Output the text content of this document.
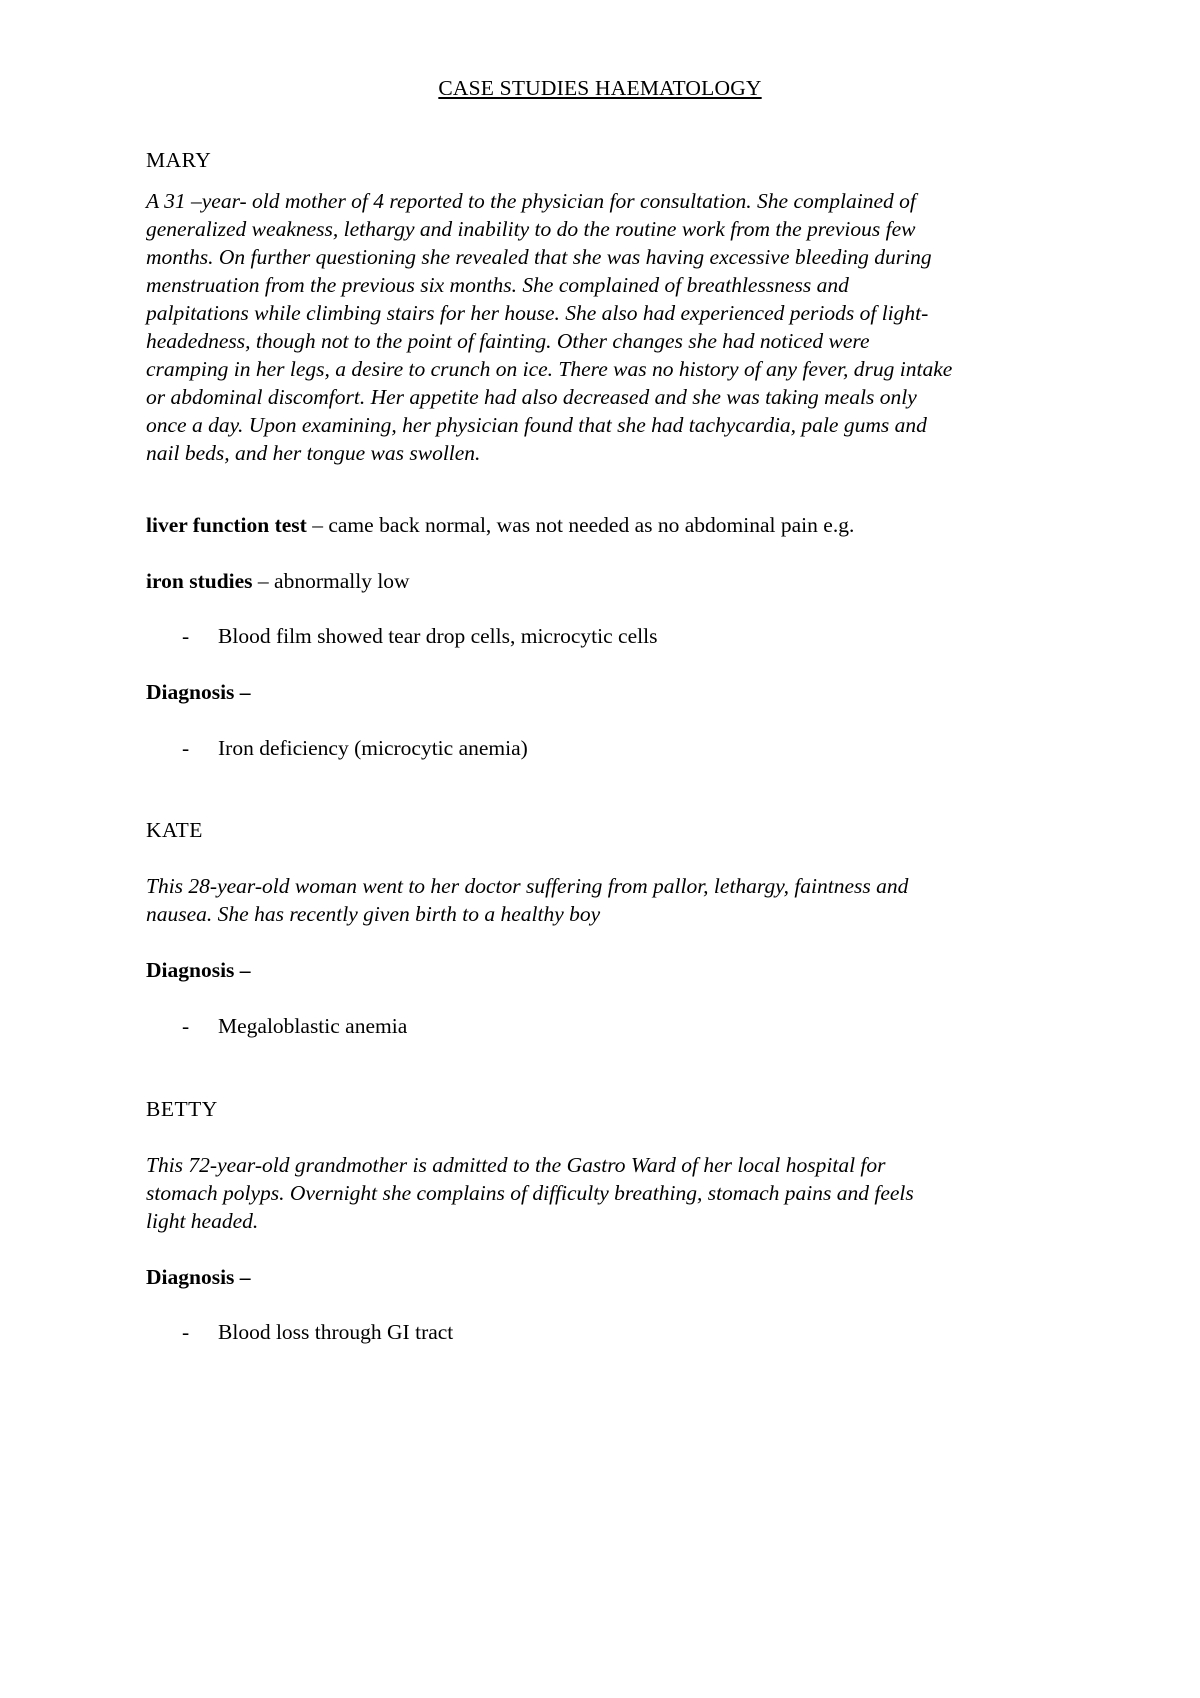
CASE STUDIES HAEMATOLOGY
MARY
A 31 –year- old mother of 4 reported to the physician for consultation. She complained of
generalized weakness, lethargy and inability to do the routine work from the previous few
months. On further questioning she revealed that she was having excessive bleeding during
menstruation from the previous six months. She complained of breathlessness and
palpitations while climbing stairs for her house. She also had experienced periods of light-
headedness, though not to the point of fainting. Other changes she had noticed were
cramping in her legs, a desire to crunch on ice. There was no history of any fever, drug intake
or abdominal discomfort. Her appetite had also decreased and she was taking meals only
once a day. Upon examining, her physician found that she had tachycardia, pale gums and
nail beds, and her tongue was swollen.
liver function test – came back normal, was not needed as no abdominal pain e.g.
iron studies – abnormally low
- Blood film showed tear drop cells, microcytic cells
Diagnosis –
- Iron deficiency (microcytic anemia)
KATE
This 28-year-old woman went to her doctor suffering from pallor, lethargy, faintness and
nausea. She has recently given birth to a healthy boy
Diagnosis –
- Megaloblastic anemia
BETTY
This 72-year-old grandmother is admitted to the Gastro Ward of her local hospital for
stomach polyps. Overnight she complains of difficulty breathing, stomach pains and feels
light headed.
Diagnosis –
- Blood loss through GI tract
